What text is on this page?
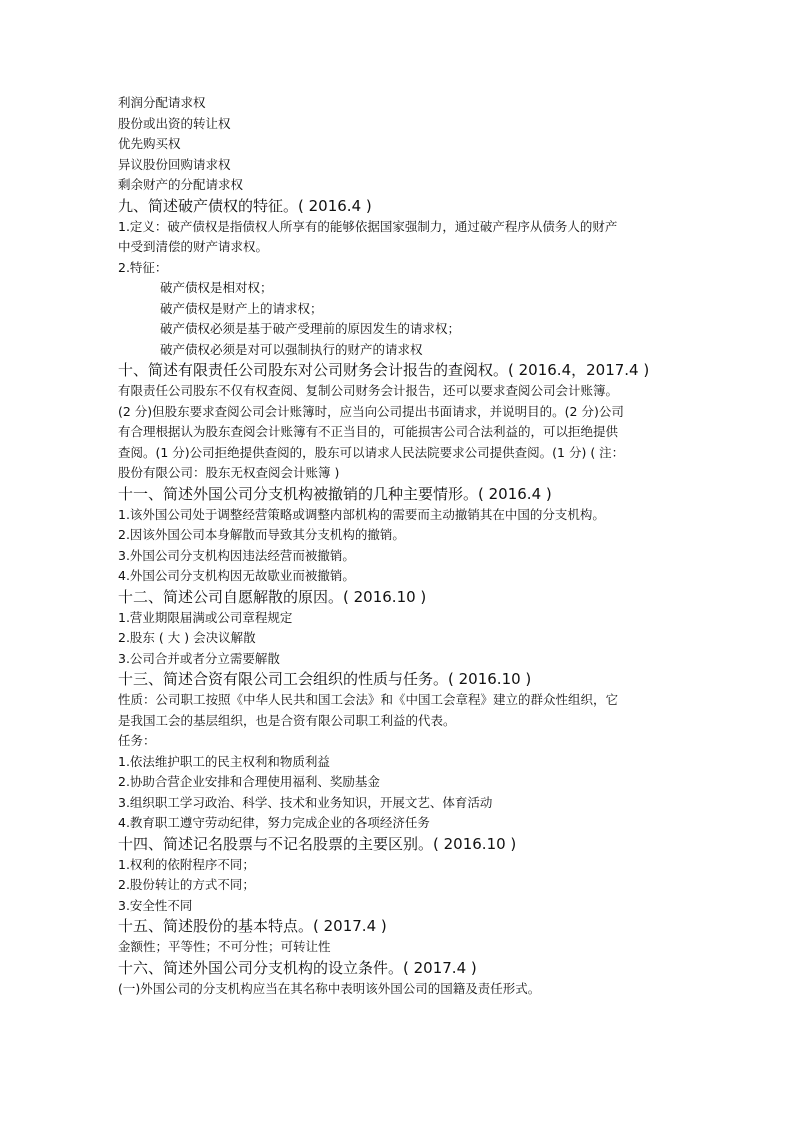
利润分配请求权
股份或出资的转让权
优先购买权
异议股份回购请求权
剩余财产的分配请求权
九、简述破产债权的特征。( 2016.4 )
1.定义：破产债权是指债权人所享有的能够依据国家强制力，通过破产程序从债务人的财产
中受到清偿的财产请求权。
2.特征：
破产债权是相对权；
破产债权是财产上的请求权；
破产债权必须是基于破产受理前的原因发生的请求权；
破产债权必须是对可以强制执行的财产的请求权
十、简述有限责任公司股东对公司财务会计报告的查阅权。( 2016.4，2017.4 )
有限责任公司股东不仅有权查阅、复制公司财务会计报告，还可以要求查阅公司会计账簿。
(2 分)但股东要求查阅公司会计账簿时，应当向公司提出书面请求，并说明目的。(2 分)公司
有合理根据认为股东查阅会计账簿有不正当目的，可能损害公司合法利益的，可以拒绝提供
查阅。(1 分)公司拒绝提供查阅的，股东可以请求人民法院要求公司提供查阅。(1 分) ( 注：
股份有限公司：股东无权查阅会计账簿 )
十一、简述外国公司分支机构被撤销的几种主要情形。( 2016.4 )
1.该外国公司处于调整经营策略或调整内部机构的需要而主动撤销其在中国的分支机构。
2.因该外国公司本身解散而导致其分支机构的撤销。
3.外国公司分支机构因违法经营而被撤销。
4.外国公司分支机构因无故歇业而被撤销。
十二、简述公司自愿解散的原因。( 2016.10 )
1.营业期限届满或公司章程规定
2.股东 ( 大 ) 会决议解散
3.公司合并或者分立需要解散
十三、简述合资有限公司工会组织的性质与任务。( 2016.10 )
性质：公司职工按照《中华人民共和国工会法》和《中国工会章程》建立的群众性组织，它
是我国工会的基层组织，也是合资有限公司职工利益的代表。
任务：
1.依法维护职工的民主权利和物质利益
2.协助合营企业安排和合理使用福利、奖励基金
3.组织职工学习政治、科学、技术和业务知识，开展文艺、体育活动
4.教育职工遵守劳动纪律，努力完成企业的各项经济任务
十四、简述记名股票与不记名股票的主要区别。( 2016.10 )
1.权利的依附程序不同；
2.股份转让的方式不同；
3.安全性不同
十五、简述股份的基本特点。( 2017.4 )
金额性；平等性；不可分性；可转让性
十六、简述外国公司分支机构的设立条件。( 2017.4 )
(一)外国公司的分支机构应当在其名称中表明该外国公司的国籍及责任形式。
